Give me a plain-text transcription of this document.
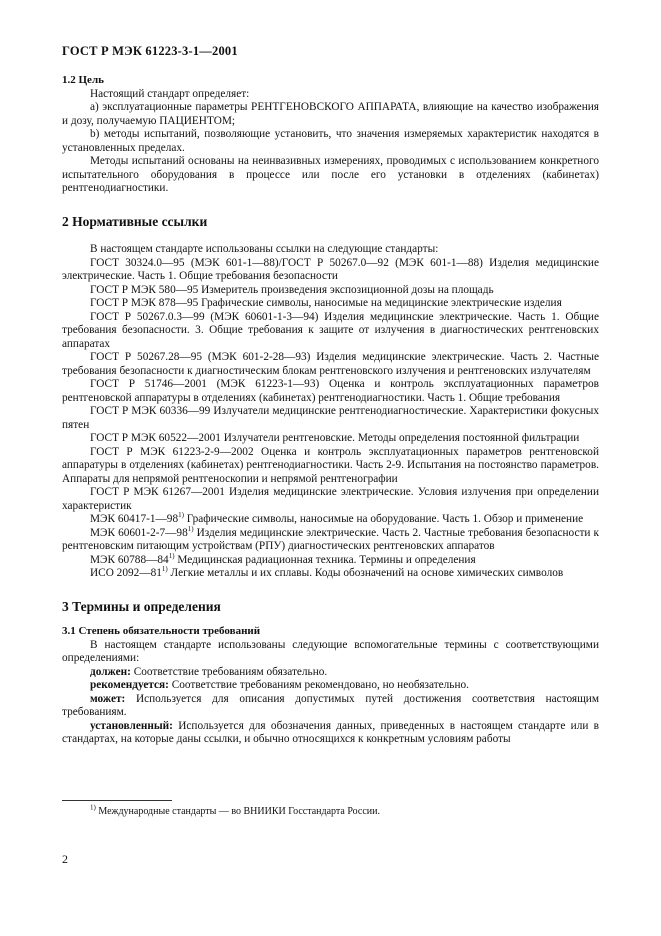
ГОСТ Р МЭК 61223-3-1—2001

1.2 Цель

Настоящий стандарт определяет:

a) эксплуатационные параметры РЕНТГЕНОВСКОГО АППАРАТА, влияющие на качество изображения и дозу, получаемую ПАЦИЕНТОМ;

b) методы испытаний, позволяющие установить, что значения измеряемых характеристик находятся в установленных пределах.

Методы испытаний основаны на неинвазивных измерениях, проводимых с использованием конкретного испытательного оборудования в процессе или после его установки в отделениях (кабинетах) рентгенодиагностики.

2 Нормативные ссылки

В настоящем стандарте использованы ссылки на следующие стандарты:

ГОСТ 30324.0—95 (МЭК 601-1—88)/ГОСТ Р 50267.0—92 (МЭК 601-1—88) Изделия медицинские электрические. Часть 1. Общие требования безопасности

ГОСТ Р МЭК 580—95 Измеритель произведения экспозиционной дозы на площадь

ГОСТ Р МЭК 878—95 Графические символы, наносимые на медицинские электрические изделия

ГОСТ Р 50267.0.3—99 (МЭК 60601-1-3—94) Изделия медицинские электрические. Часть 1. Общие требования безопасности. 3. Общие требования к защите от излучения в диагностических рентгеновских аппаратах

ГОСТ Р 50267.28—95 (МЭК 601-2-28—93) Изделия медицинские электрические. Часть 2. Частные требования безопасности к диагностическим блокам рентгеновского излучения и рентгеновских излучателям

ГОСТ Р 51746—2001 (МЭК 61223-1—93) Оценка и контроль эксплуатационных параметров рентгеновской аппаратуры в отделениях (кабинетах) рентгенодиагностики. Часть 1. Общие требования

ГОСТ Р МЭК 60336—99 Излучатели медицинские рентгенодиагностические. Характеристики фокусных пятен

ГОСТ Р МЭК 60522—2001 Излучатели рентгеновские. Методы определения постоянной фильтрации

ГОСТ Р МЭК 61223-2-9—2002 Оценка и контроль эксплуатационных параметров рентгеновской аппаратуры в отделениях (кабинетах) рентгенодиагностики. Часть 2-9. Испытания на постоянство параметров. Аппараты для непрямой рентгеноскопии и непрямой рентгенографии

ГОСТ Р МЭК 61267—2001 Изделия медицинские электрические. Условия излучения при определении характеристик

МЭК 60417-1—98$^{1)}$ Графические символы, наносимые на оборудование. Часть 1. Обзор и применение

МЭК 60601-2-7—98$^{1)}$ Изделия медицинские электрические. Часть 2. Частные требования безопасности к рентгеновским питающим устройствам (РПУ) диагностических рентгеновских аппаратов

МЭК 60788—84$^{1)}$ Медицинская радиационная техника. Термины и определения

ИСО 2092—81$^{1)}$ Легкие металлы и их сплавы. Коды обозначений на основе химических символов

3 Термины и определения

3.1 Степень обязательности требований

В настоящем стандарте использованы следующие вспомогательные термины с соответствующими определениями:

должен: Соответствие требованиям обязательно.

рекомендуется: Соответствие требованиям рекомендовано, но необязательно.

может: Используется для описания допустимых путей достижения соответствия настоящим требованиям.

установленный: Используется для обозначения данных, приведенных в настоящем стандарте или в стандартах, на которые даны ссылки, и обычно относящихся к конкретным условиям работы

$^{1)}$ Международные стандарты — во ВНИИКИ Госстандарта России.
2
